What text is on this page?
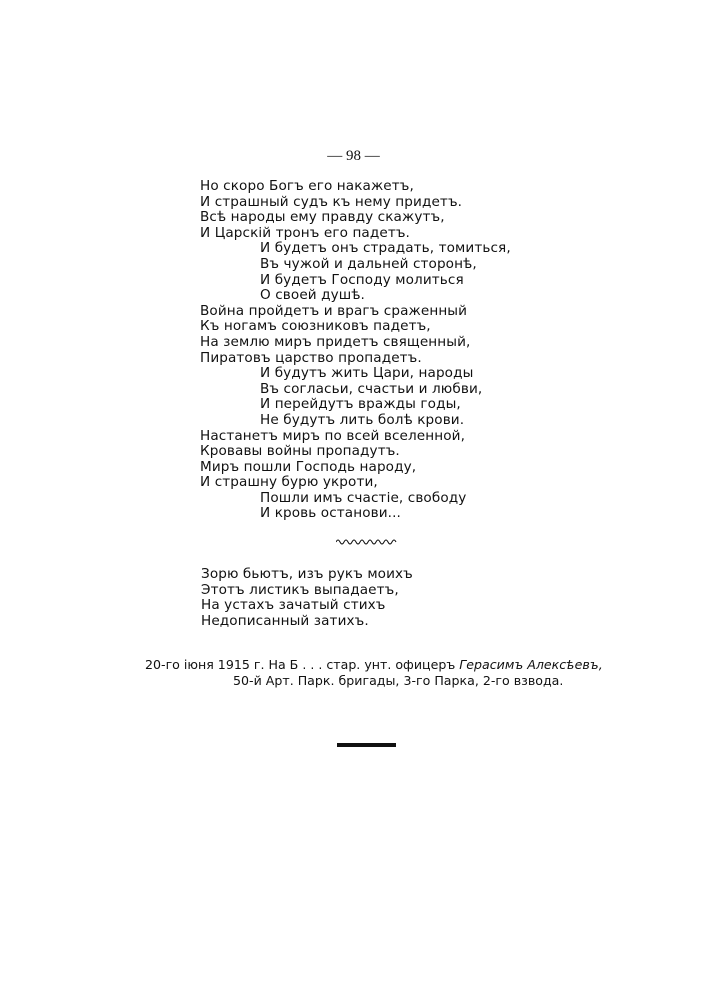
— 98 —
Но скоро Богъ его накажетъ,
И страшный судъ къ нему придетъ.
Всѣ народы ему правду скажутъ,
И Царскій тронъ его падетъ.
И будетъ онъ страдать, томиться,
Въ чужой и дальней сторонѣ,
И будетъ Господу молиться
О своей душѣ.
Война пройдетъ и врагъ сраженный
Къ ногамъ союзниковъ падетъ,
На землю миръ придетъ священный,
Пиратовъ царство пропадетъ.
И будутъ жить Цари, народы
Въ согласьи, счастьи и любви,
И перейдутъ вражды годы,
Не будутъ лить болѣ крови.
Настанетъ миръ по всей вселенной,
Кровавы войны пропадутъ.
Миръ пошли Господь народу,
И страшну бурю укроти,
Пошли имъ счастіе, свободу
И кровь останови...
Зорю бьютъ, изъ рукъ моихъ
Этотъ листикъ выпадаетъ,
На устахъ зачатый стихъ
Недописанный затихъ.
20-го іюня 1915 г. На Б . . . стар. унт. офицеръ Герасимъ Алексѣевъ,
50-й Арт. Парк. бригады, 3-го Парка, 2-го взвода.
